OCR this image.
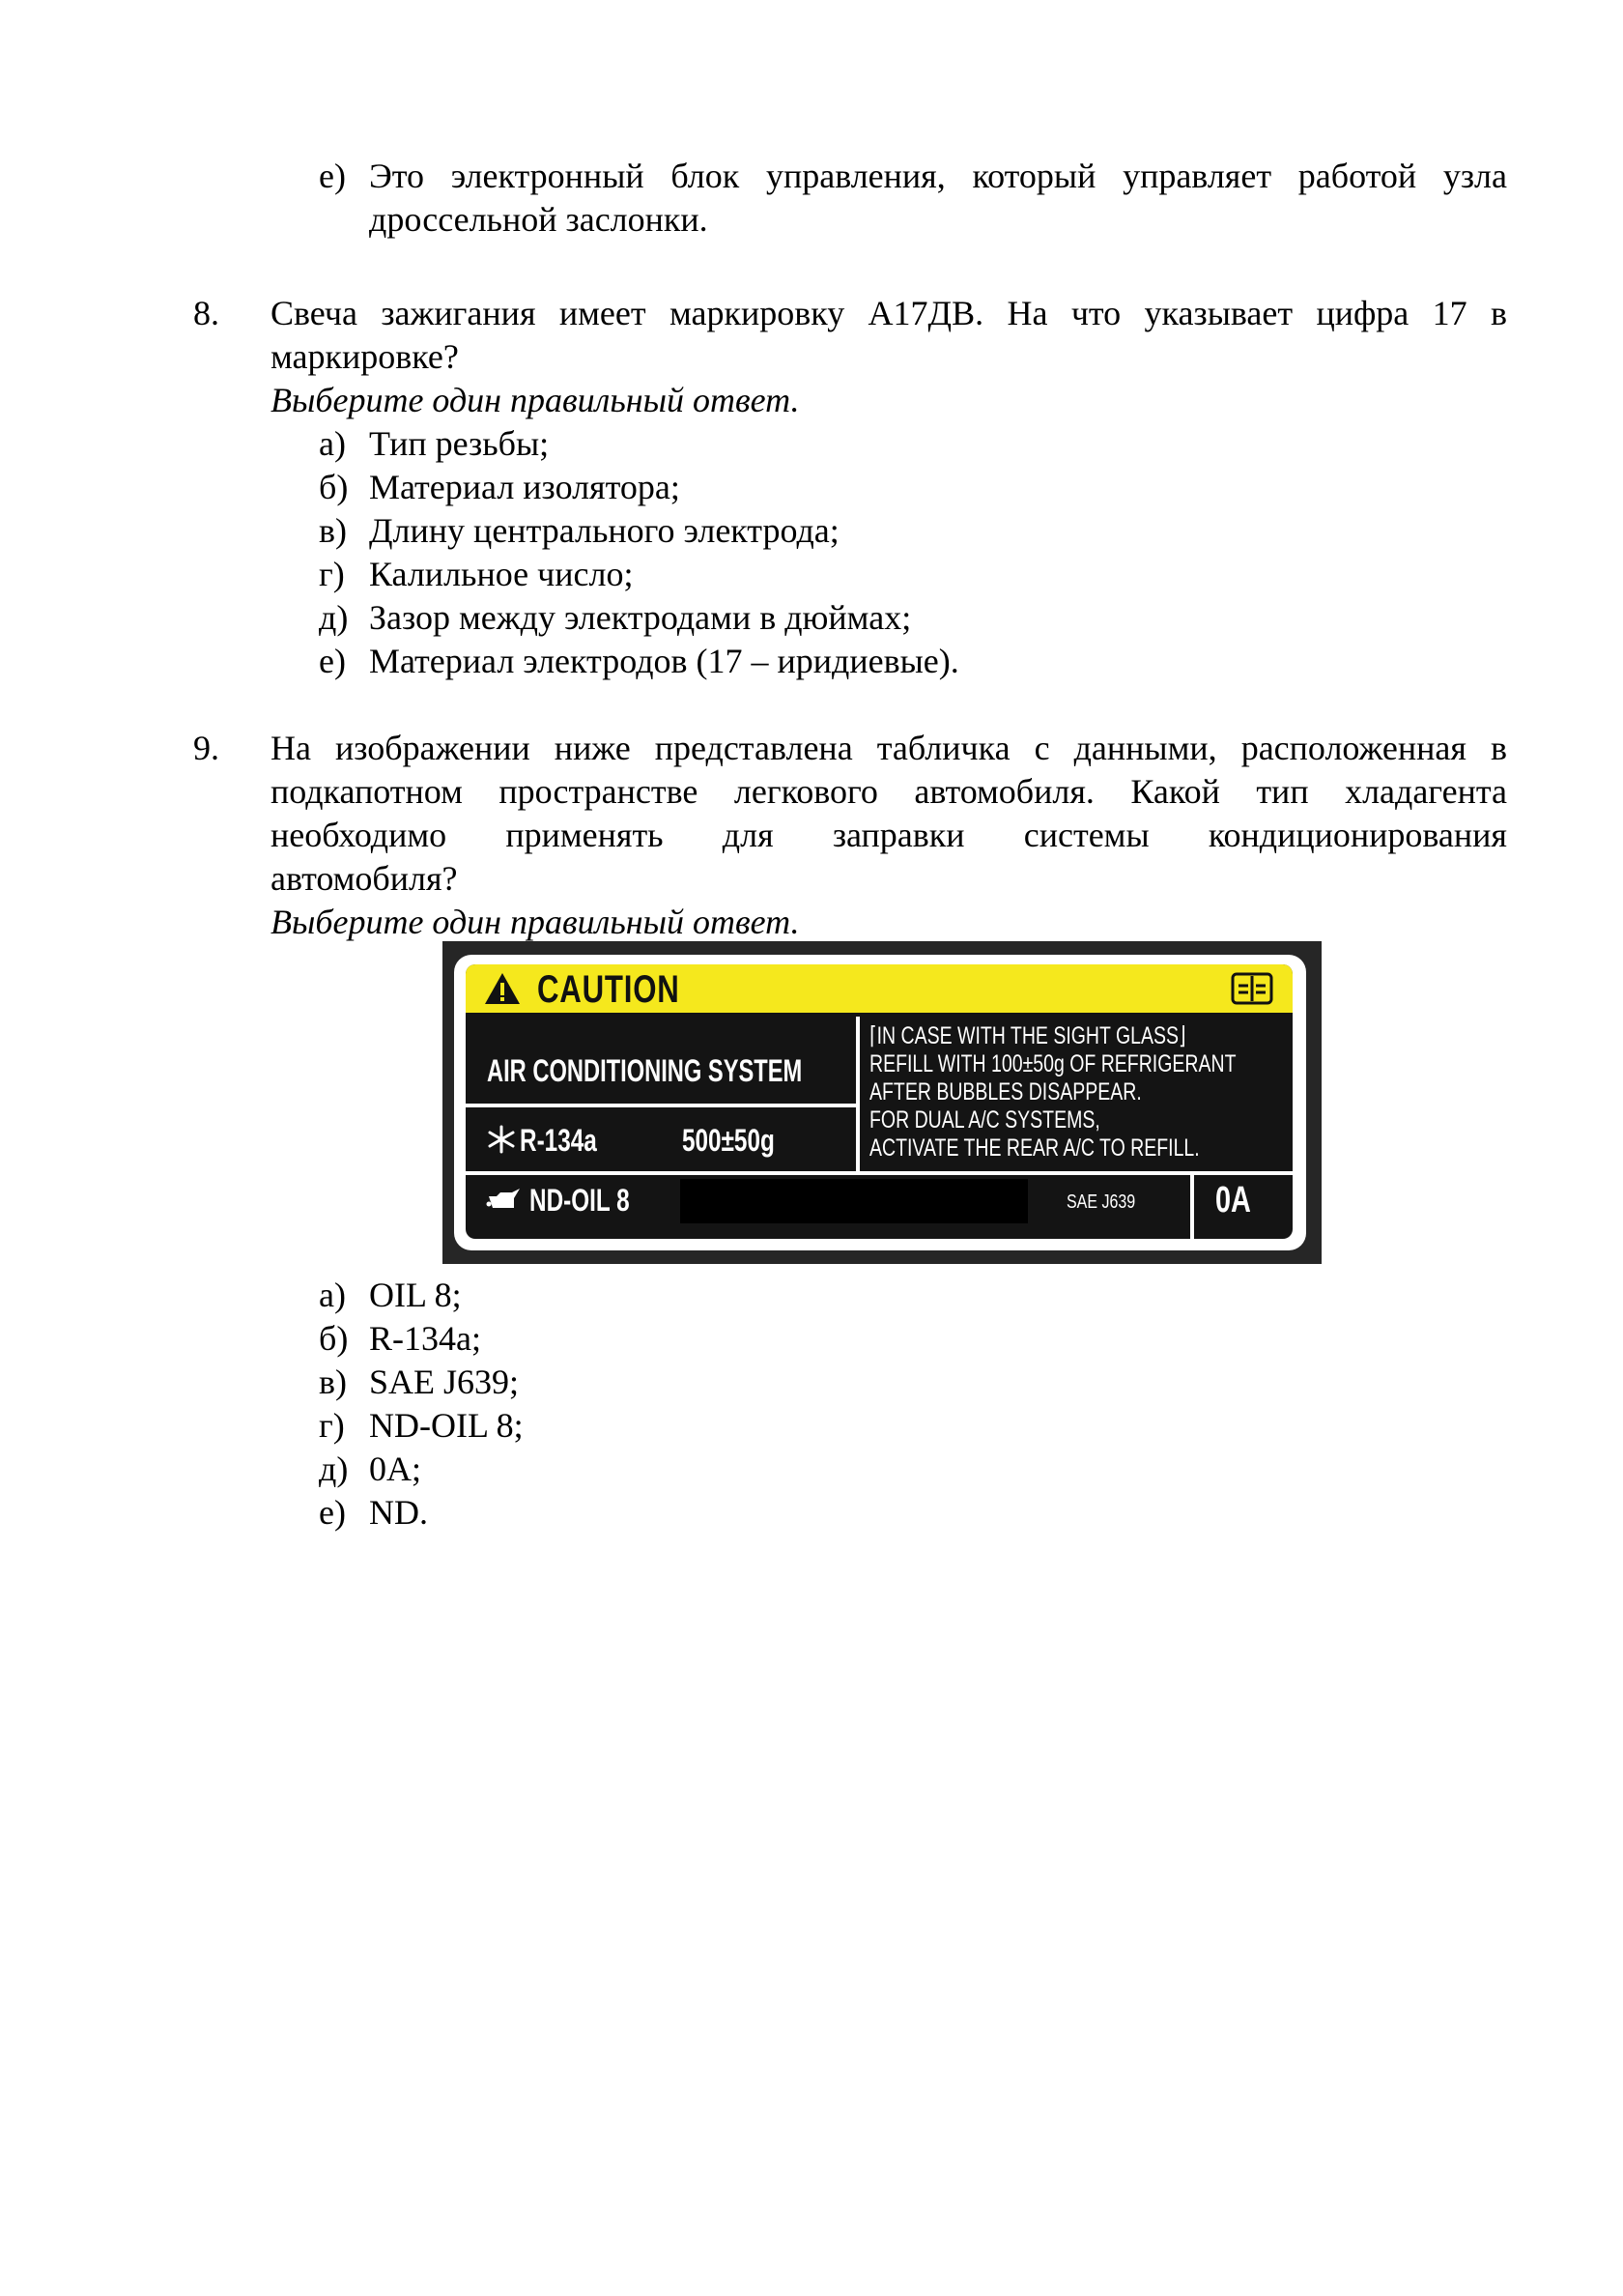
е) Это электронный блок управления, который управляет работой узла
дроссельной заслонки.
8. Свеча зажигания имеет маркировку А17ДВ. На что указывает цифра 17 в
маркировке?
Выберите один правильный ответ.
а) Тип резьбы;
б) Материал изолятора;
в) Длину центрального электрода;
г) Калильное число;
д) Зазор между электродами в дюймах;
е) Материал электродов (17 – иридиевые).
9. На изображении ниже представлена табличка с данными, расположенная в
подкапотном пространстве легкового автомобиля. Какой тип хладагента
необходимо применять для заправки системы кондиционирования
автомобиля?
Выберите один правильный ответ.
CAUTION
AIR CONDITIONING SYSTEM
⌈IN CASE WITH THE SIGHT GLASS⌋
REFILL WITH 100±50g OF REFRIGERANT
AFTER BUBBLES DISAPPEAR.
FOR DUAL A/C SYSTEMS,
ACTIVATE THE REAR A/C TO REFILL.
R-134a	500±50g
ND-OIL 8	SAE J639 0A
а) OIL 8;
б) R-134a;
в) SAE J639;
г) ND-OIL 8;
д) 0A;
е) ND.
